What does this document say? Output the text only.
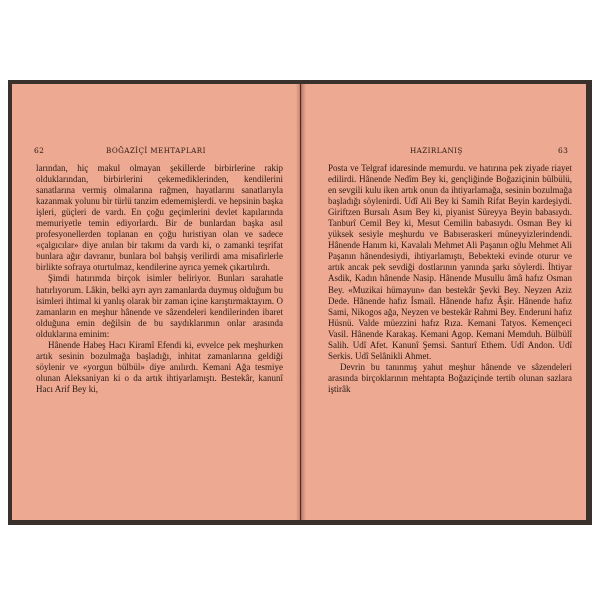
62	BOĞAZİÇİ MEHTAPLARI

larından, hiç makul olmayan şekillerde birbirlerine rakip olduklarından, birbirlerini çekemediklerinden, kendilerini sanatlarına vermiş olmalarına rağmen, hayatlarını sanatlarıyla kazanmak yolunu bir türlü tanzim edememişlerdi. ve hepsinin başka işleri, güçleri de vardı. En çoğu geçimlerini devlet kapılarında memuriyetle temin ediyorlardı. Bir de bunlardan başka asıl profesyonellerden toplanan en çoğu hıristiyan olan ve sadece «çalgıcılar» diye anılan bir takımı da vardı ki, o zamanki teşrifat bunlara ağır davranır, bunlara bol bahşiş verilirdi ama misafirlerle birlikte sofraya oturtulmaz, kendilerine ayrıca yemek çıkartılırdı.

Şimdi hatırımda birçok isimler beliriyor. Bunları sarahatle hatırlıyorum. Lâkin, belki ayrı ayrı zamanlarda duymuş olduğum bu isimleri ihtimal ki yanlış olarak bir zaman içine karıştırmaktayım. O zamanların en meşhur hânende ve sâzendeleri kendilerinden ibaret olduğuna emin değilsin de bu saydıklarımın onlar arasında olduklarına eminim:

Hânende Habeş Hacı Kiramî Efendi ki, evvelce pek meşhurken artık sesinin bozulmağa başladığı, inhitat zamanlarına geldiği söylenir ve «yorgun bülbül» diye anılırdı. Kemani Ağa tesmiye olunan Aleksaniyan ki o da artık ihtiyarlamıştı. Bestekâr, kanunî Hacı Arif Bey ki,

HAZIRLANIŞ	63

Posta ve Telgraf idaresinde memurdu. ve hatırına pek ziyade riayet edilirdi. Hânende Nedîm Bey ki, gençliğinde Boğaziçinin bülbülü, en sevgili kulu iken artık onun da ihtiyarlamağa, sesinin bozulmağa başladığı söylenirdi. Udî Ali Bey ki Samih Rifat Beyin kardeşiydi. Giriftzen Bursalı Asım Bey ki, piyanist Süreyya Beyin babasıydı. Tanburî Cemil Bey ki, Mesut Cemilin babasıydı. Osman Bey ki yüksek sesiyle meşhurdu ve Babıseraskeri müneyyizlerindendi. Hânende Hanım ki, Kavalalı Mehmet Ali Paşanın oğlu Mehmet Ali Paşanın hânendesiydi, ihtiyarlamıştı, Bebekteki evinde oturur ve artık ancak pek sevdiği dostlarının yanında şarkı söylerdi. İhtiyar Asdik, Kadın hânende Nasip. Hânende Musullu âmâ hafız Osman Bey. «Muzikai hümayun» dan bestekâr Şevki Bey. Neyzen Aziz Dede. Hânende hafız İsmail. Hânende hafız Âşir. Hânende hafız Sami, Nikogos ağa, Neyzen ve bestekâr Rahmi Bey. Enderuni hafız Hüsnü. Valde müezzini hafız Rıza. Kemani Tatyos. Kemençeci Vasil. Hânende Karakaş. Kemani Agop. Kemani Memduh. Bülbülî Salih. Udî Afet. Kanunî Şemsi. Santurî Ethem. Udî Andon. Udî Serkis. Udî Selânikli Ahmet.

Devrin bu tanınmış yahut meşhur hânende ve sâzendeleri arasında birçoklarının mehtapta Boğaziçinde tertib olunan sazlara iştirâk
